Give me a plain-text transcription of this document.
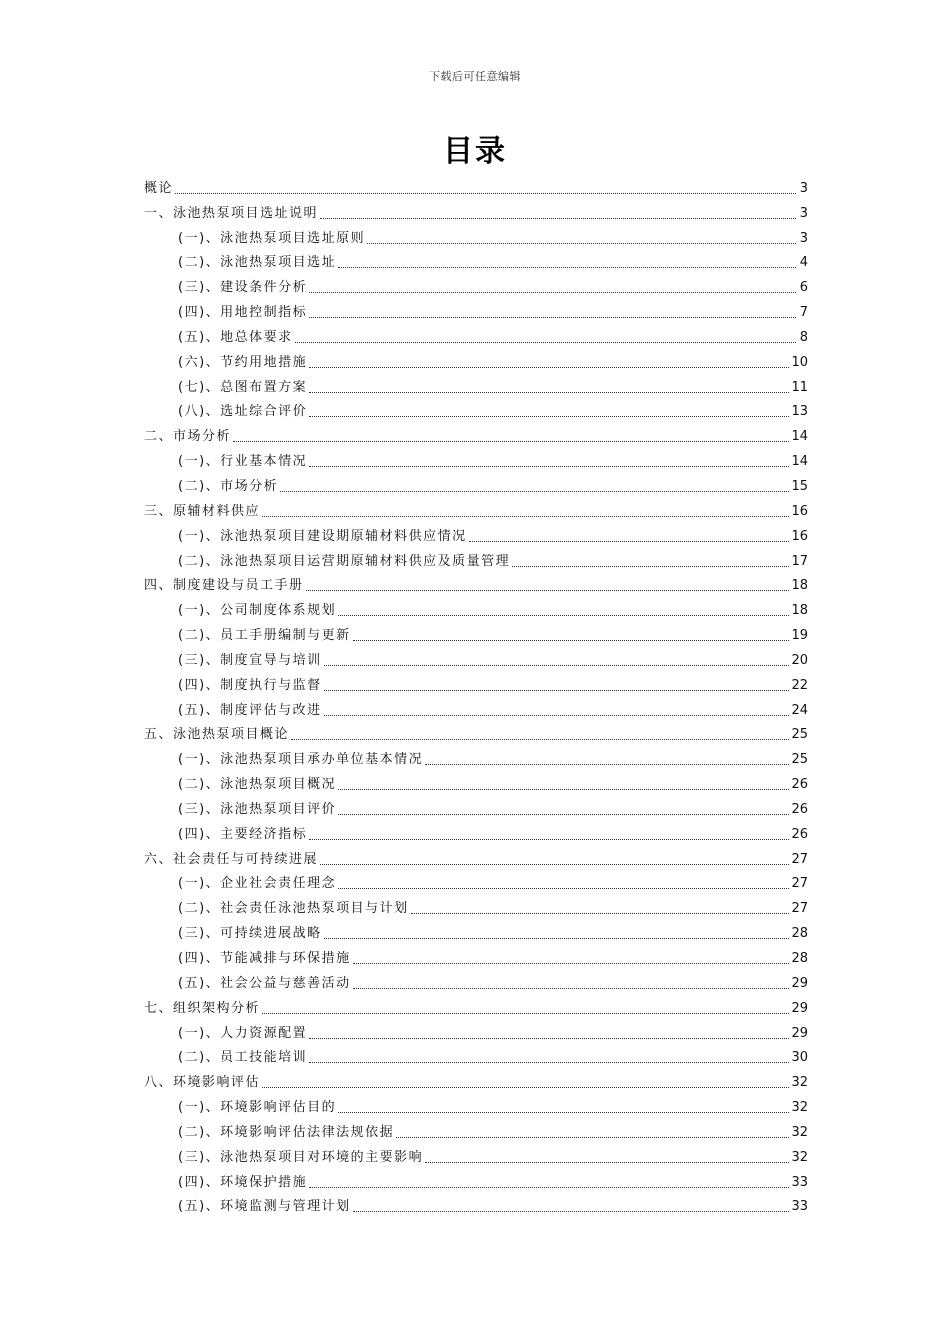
下载后可任意编辑
目录
概论	3
一、泳池热泵项目选址说明	3
(一)、泳池热泵项目选址原则	3
(二)、泳池热泵项目选址	4
(三)、建设条件分析	6
(四)、用地控制指标	7
(五)、地总体要求	8
(六)、节约用地措施	10
(七)、总图布置方案	11
(八)、选址综合评价	13
二、市场分析	14
(一)、行业基本情况	14
(二)、市场分析	15
三、原辅材料供应	16
(一)、泳池热泵项目建设期原辅材料供应情况	16
(二)、泳池热泵项目运营期原辅材料供应及质量管理	17
四、制度建设与员工手册	18
(一)、公司制度体系规划	18
(二)、员工手册编制与更新	19
(三)、制度宣导与培训	20
(四)、制度执行与监督	22
(五)、制度评估与改进	24
五、泳池热泵项目概论	25
(一)、泳池热泵项目承办单位基本情况	25
(二)、泳池热泵项目概况	26
(三)、泳池热泵项目评价	26
(四)、主要经济指标	26
六、社会责任与可持续进展	27
(一)、企业社会责任理念	27
(二)、社会责任泳池热泵项目与计划	27
(三)、可持续进展战略	28
(四)、节能减排与环保措施	28
(五)、社会公益与慈善活动	29
七、组织架构分析	29
(一)、人力资源配置	29
(二)、员工技能培训	30
八、环境影响评估	32
(一)、环境影响评估目的	32
(二)、环境影响评估法律法规依据	32
(三)、泳池热泵项目对环境的主要影响	32
(四)、环境保护措施	33
(五)、环境监测与管理计划	33
